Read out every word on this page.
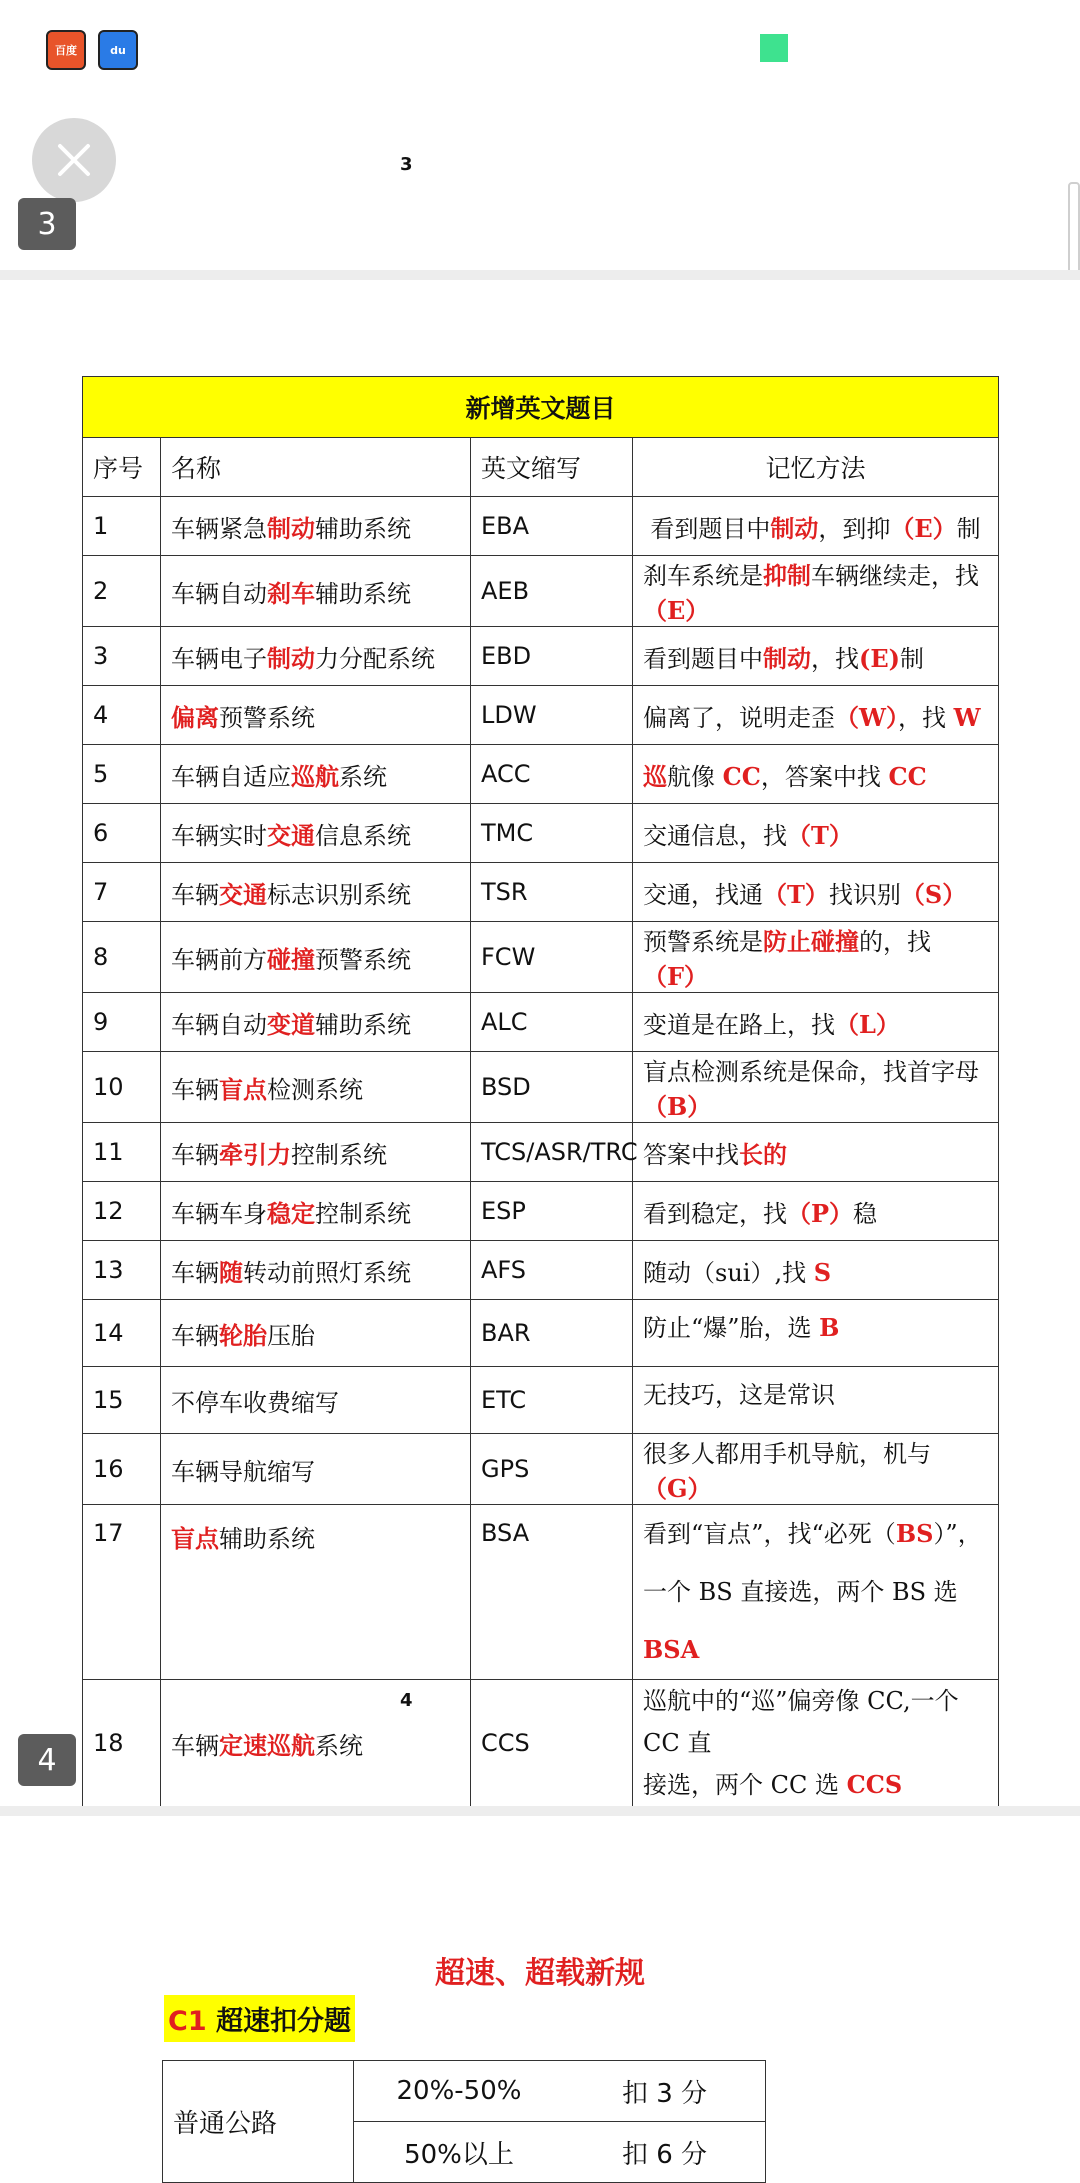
百度	du
3
3
新增英文题目			
序号	名称	英文缩写	记忆方法
1	车辆紧急制动辅助系统	EBA	看到题目中制动，到抑（E）制
2	车辆自动刹车辅助系统	AEB	刹车系统是抑制车辆继续走，找（E）
3	车辆电子制动力分配系统	EBD	看到题目中制动，找(E)制
4	偏离预警系统	LDW	偏离了，说明走歪（W），找 W
5	车辆自适应巡航系统	ACC	巡航像 CC，答案中找 CC
6	车辆实时交通信息系统	TMC	交通信息，找（T）
7	车辆交通标志识别系统	TSR	交通，找通（T）找识别（S）
8	车辆前方碰撞预警系统	FCW	预警系统是防止碰撞的，找（F）
9	车辆自动变道辅助系统	ALC	变道是在路上，找（L）
10	车辆盲点检测系统	BSD	盲点检测系统是保命，找首字母（B）
11	车辆牵引力控制系统	TCS/ASR/TRC	答案中找长的
12	车辆车身稳定控制系统	ESP	看到稳定，找（P）稳
13	车辆随转动前照灯系统	AFS	随动（sui）,找 S
14	车辆轮胎压胎	BAR	防止“爆”胎，选 B
15	不停车收费缩写	ETC	无技巧，这是常识
16	车辆导航缩写	GPS	很多人都用手机导航，机与（G）
17	盲点辅助系统	BSA	看到“盲点”，找“必死（BS）”，
一个 BS 直接选，两个 BS 选 BSA

18	车辆定速巡航系统	CCS	巡航中的“巡”偏旁像 CC,一个 CC 直
接选，两个 CC 选 CCS
4
4
超速、超载新规
C1 超速扣分题
普通公路	20%-50%	扣 3 分
	50%以上	扣 6 分
